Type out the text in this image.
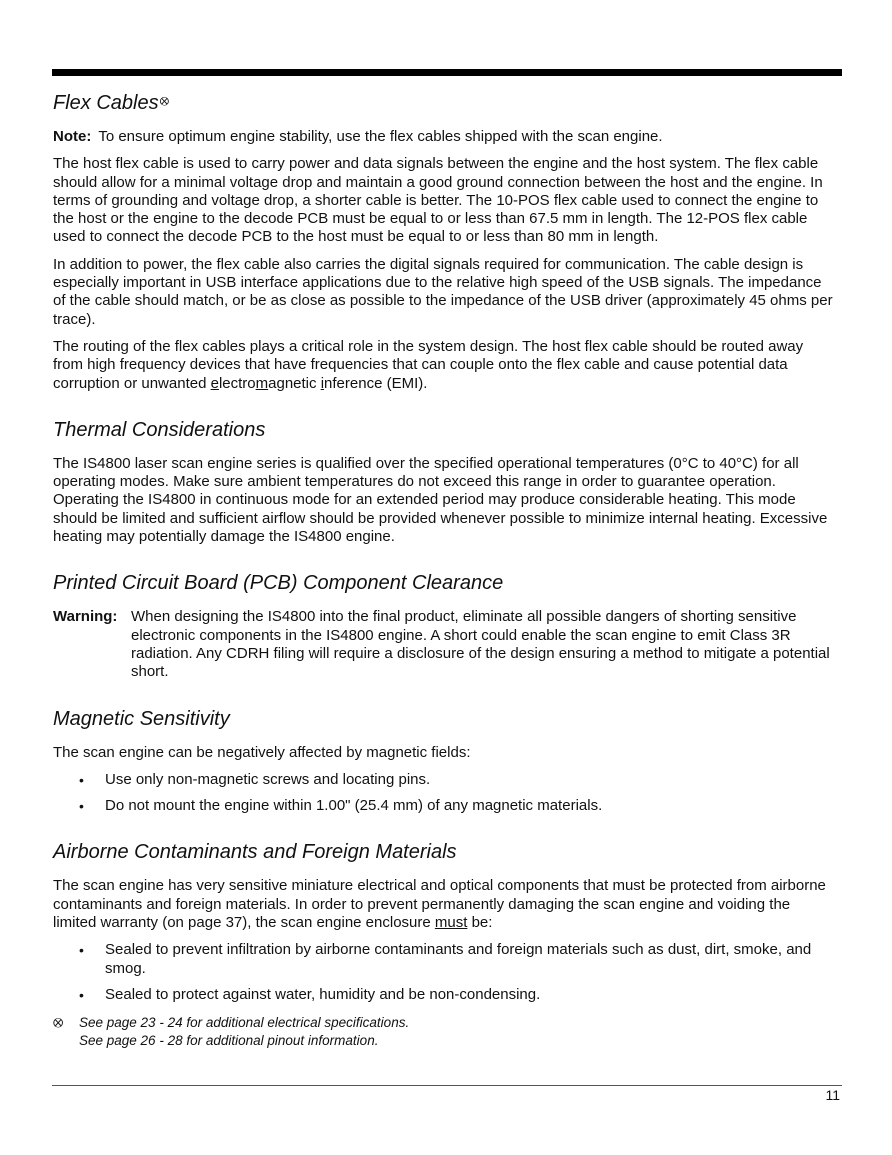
Flex Cables⭙

Note: To ensure optimum engine stability, use the flex cables shipped with the scan engine.

The host flex cable is used to carry power and data signals between the engine and the host system. The flex cable should allow for a minimal voltage drop and maintain a good ground connection between the host and the engine. In terms of grounding and voltage drop, a shorter cable is better. The 10-POS flex cable used to connect the engine to the host or the engine to the decode PCB must be equal to or less than 67.5 mm in length. The 12-POS flex cable used to connect the decode PCB to the host must be equal to or less than 80 mm in length.

In addition to power, the flex cable also carries the digital signals required for communication. The cable design is especially important in USB interface applications due to the relative high speed of the USB signals. The impedance of the cable should match, or be as close as possible to the impedance of the USB driver (approximately 45 ohms per trace).

The routing of the flex cables plays a critical role in the system design. The host flex cable should be routed away from high frequency devices that have frequencies that can couple onto the flex cable and cause potential data corruption or unwanted electromagnetic inference (EMI).

Thermal Considerations

The IS4800 laser scan engine series is qualified over the specified operational temperatures (0°C to 40°C) for all operating modes. Make sure ambient temperatures do not exceed this range in order to guarantee operation. Operating the IS4800 in continuous mode for an extended period may produce considerable heating. This mode should be limited and sufficient airflow should be provided whenever possible to minimize internal heating. Excessive heating may potentially damage the IS4800 engine.

Printed Circuit Board (PCB) Component Clearance
Warning: When designing the IS4800 into the final product, eliminate all possible dangers of shorting sensitive electronic components in the IS4800 engine. A short could enable the scan engine to emit Class 3R radiation. Any CDRH filing will require a disclosure of the design ensuring a method to mitigate a potential short.
Magnetic Sensitivity

The scan engine can be negatively affected by magnetic fields:

• Use only non-magnetic screws and locating pins.
• Do not mount the engine within 1.00" (25.4 mm) of any magnetic materials.
Airborne Contaminants and Foreign Materials

The scan engine has very sensitive miniature electrical and optical components that must be protected from airborne contaminants and foreign materials. In order to prevent permanently damaging the scan engine and voiding the limited warranty (on page 37), the scan engine enclosure must be:

• Sealed to prevent infiltration by airborne contaminants and foreign materials such as dust, dirt, smoke, and smog.
• Sealed to protect against water, humidity and be non-condensing.
⭙ See page 23 - 24 for additional electrical specifications.
See page 26 - 28 for additional pinout information.
11
